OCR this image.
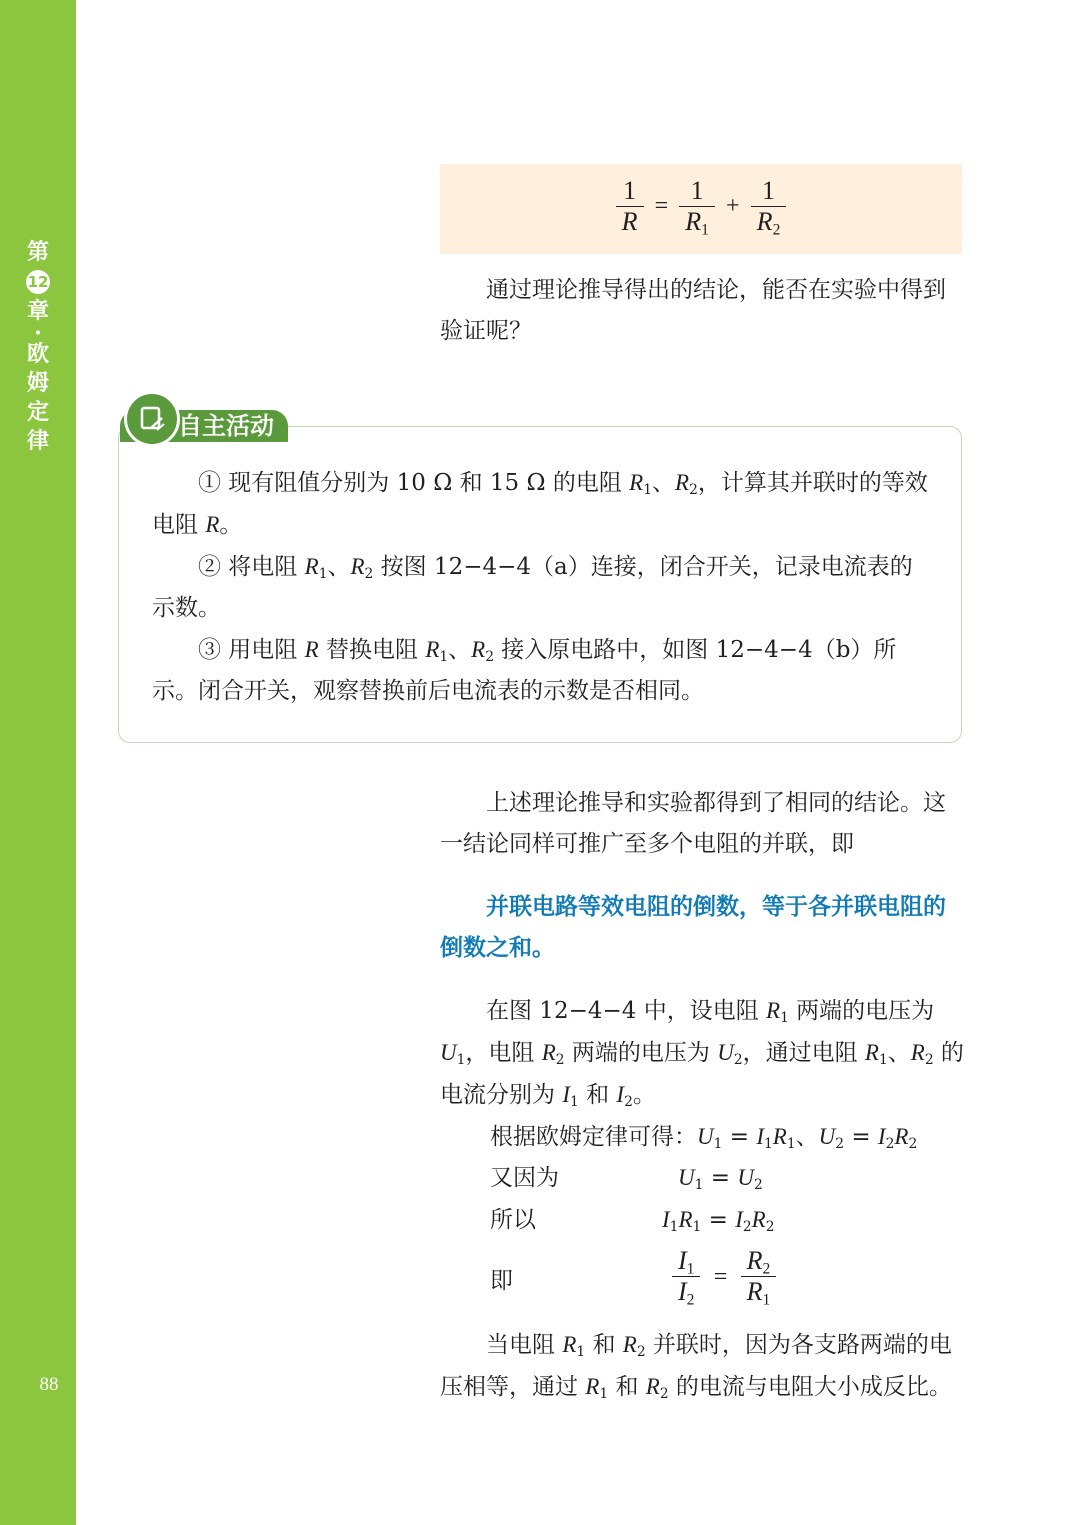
第
12
章
·
欧
姆
定
律
88
$\frac{1}{R} = \frac{1}{R_1} + \frac{1}{R_2}$
通过理论推导得出的结论，能否在实验中得到验证呢？
自主活动
① 现有阻值分别为 10 Ω 和 15 Ω 的电阻 $R_1$、$R_2$，计算其并联时的等效电阻 R。
② 将电阻 $R_1$、$R_2$ 按图 12−4−4（a）连接，闭合开关，记录电流表的示数。
③ 用电阻 R 替换电阻 $R_1$、$R_2$ 接入原电路中，如图 12−4−4（b）所示。闭合开关，观察替换前后电流表的示数是否相同。
上述理论推导和实验都得到了相同的结论。这一结论同样可推广至多个电阻的并联，即
并联电路等效电阻的倒数，等于各并联电阻的倒数之和。
在图 12−4−4 中，设电阻 $R_1$ 两端的电压为 $U_1$，电阻 $R_2$ 两端的电压为 $U_2$，通过电阻 $R_1$、$R_2$ 的电流分别为 $I_1$ 和 $I_2$。
根据欧姆定律可得：$U_1 = I_1R_1$、$U_2 = I_2R_2$
又因为	$U_1 = U_2$
所以	$I_1R_1 = I_2R_2$
即	$\frac{I_1}{I_2} = \frac{R_2}{R_1}$
当电阻 $R_1$ 和 $R_2$ 并联时，因为各支路两端的电压相等，通过 $R_1$ 和 $R_2$ 的电流与电阻大小成反比。
